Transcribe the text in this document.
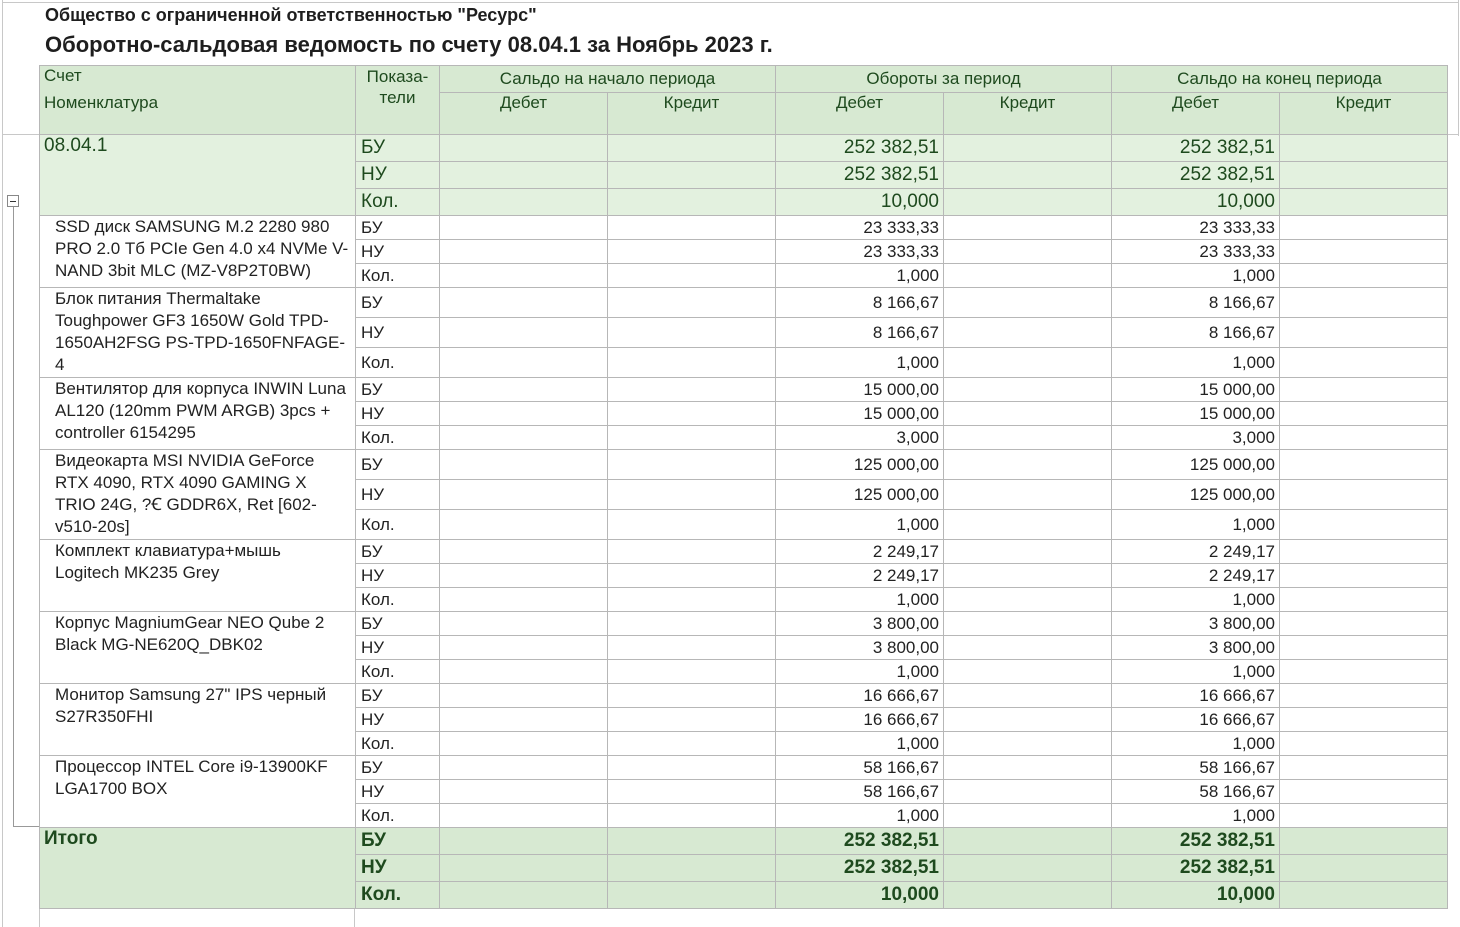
Общество с ограниченной ответственностью "Ресурс"
Оборотно-сальдовая ведомость по счету 08.04.1 за Ноябрь 2023 г.
Счет	Показа-
тели	Сальдо на начало периода		Обороты за период		Сальдо на конец периода	
Номенклатура		Дебет	Кредит	Дебет	Кредит	Дебет	Кредит
08.04.1	БУ			252 382,51		252 382,51	
	НУ			252 382,51		252 382,51	
	Кол.			10,000		10,000	
SSD диск SAMSUNG M.2 2280 980 PRO 2.0 Тб PCIe Gen 4.0 x4 NVMe V-NAND 3bit MLC (MZ-V8P2T0BW)	БУ			23 333,33		23 333,33	
	НУ			23 333,33		23 333,33	
	Кол.			1,000		1,000	
Блок питания Thermaltake Toughpower GF3 1650W Gold TPD-1650AH2FSG PS-TPD-1650FNFAGE-4	БУ			8 166,67		8 166,67	
	НУ			8 166,67		8 166,67	
	Кол.			1,000		1,000	
Вентилятор для корпуса INWIN Luna AL120 (120mm PWM ARGB) 3pcs + controller 6154295	БУ			15 000,00		15 000,00	
	НУ			15 000,00		15 000,00	
	Кол.			3,000		3,000	
Видеокарта MSI NVIDIA GeForce RTX 4090, RTX 4090 GAMING X TRIO 24G, ?Ꞓ GDDR6X, Ret [602-v510-20s]	БУ			125 000,00		125 000,00	
	НУ			125 000,00		125 000,00	
	Кол.			1,000		1,000	
Комплект клавиатура+мышь Logitech MK235 Grey	БУ			2 249,17		2 249,17	
	НУ			2 249,17		2 249,17	
	Кол.			1,000		1,000	
Корпус MagniumGear NEO Qube 2 Black MG-NE620Q_DBK02	БУ			3 800,00		3 800,00	
	НУ			3 800,00		3 800,00	
	Кол.			1,000		1,000	
Монитор Samsung 27" IPS черный S27R350FHI	БУ			16 666,67		16 666,67	
	НУ			16 666,67		16 666,67	
	Кол.			1,000		1,000	
Процессор INTEL Core i9-13900KF LGA1700 BOX	БУ			58 166,67		58 166,67	
	НУ			58 166,67		58 166,67	
	Кол.			1,000		1,000	
Итого	БУ			252 382,51		252 382,51	
	НУ			252 382,51		252 382,51	
	Кол.			10,000		10,000	
